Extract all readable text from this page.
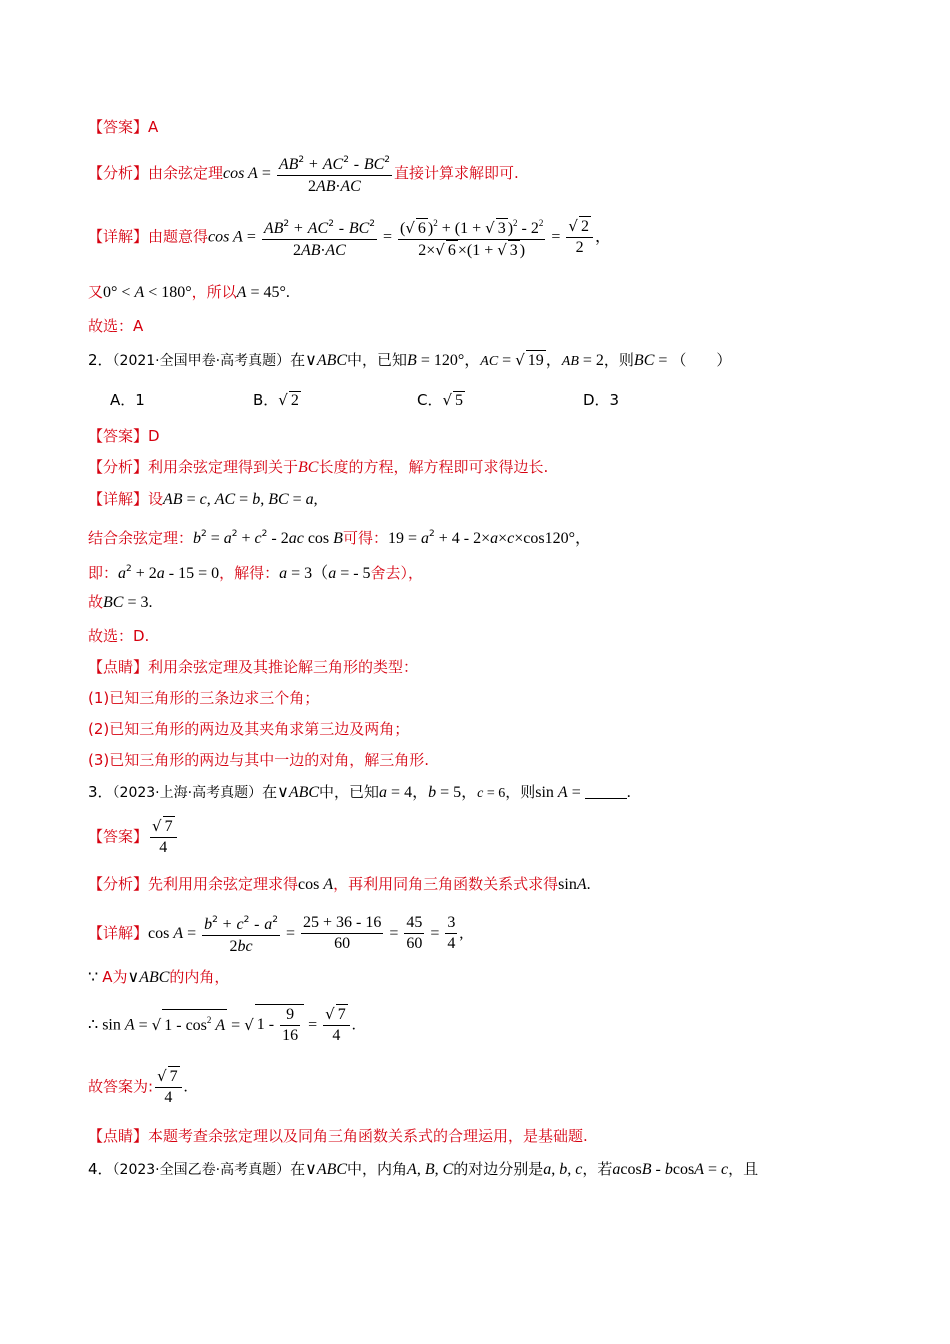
【答案】A
【分析】由余弦定理$\cos A = \frac{AB^2 + AC^2 - BC^2}{2AB\cdot AC}$ 直接计算求解即可.
【详解】由题意得$\cos A = \frac{AB^2 + AC^2 - BC^2}{2AB\cdot AC} = \frac{(√ 6 )^2 + (1 + √ 3 )^2 - 2^2}{2\times√ 6 \times(1 + √ 3 )} = \frac{√ 2}{2}$ ，
又0° < A < 180°，所以A = 45°.
故选：A
2．（2021·全国甲卷·高考真题）在∨ABC中，已知B = 120°，AC = √ 19 ，AB = 2，则BC = （　　）
A．1	B．√ 2	C．√ 5	D．3
【答案】D
【分析】利用余弦定理得到关于BC长度的方程，解方程即可求得边长.
【详解】设AB = c, AC = b, BC = a,
结合余弦定理：$b^2 = a^2 + c^2 - 2ac$ cos B可得：$19 = a^2 + 4 - 2\times a\times c\times\cos 120^\circ$，
即：$a^2 + 2a - 15 = 0$，解得：a = 3（a = - 5舍去），
故BC = 3.
故选：D.
【点睛】利用余弦定理及其推论解三角形的类型：
(1)已知三角形的三条边求三个角；
(2)已知三角形的两边及其夹角求第三边及两角；
(3)已知三角形的两边与其中一边的对角，解三角形.
3．（2023·上海·高考真题）在∨ABC中，已知a = 4，b = 5，c = 6，则sin A =	.
【答案】 $\frac{√ 7}{4}$
【分析】先利用用余弦定理求得cos A，再利用同角三角函数关系式求得sinA.
【详解】$\cos A = \frac{b^2 + c^2 - a^2}{2bc} = \frac{25 + 36 - 16}{60} = \frac{45}{60} = \frac{3}{4}$ ,
∵ A为∨ABC的内角，
∴ sin A = √ $1 - \cos^2 A$ = √ $1 - \frac{9}{16} = \frac{√ 7}{4}$ .
故答案为: $\frac{√ 7}{4}$ .
【点睛】本题考查余弦定理以及同角三角函数关系式的合理运用，是基础题.
4．（2023·全国乙卷·高考真题）在∨ABC中，内角A, B, C的对边分别是a, b, c，若acosB - bcosA = c，且
